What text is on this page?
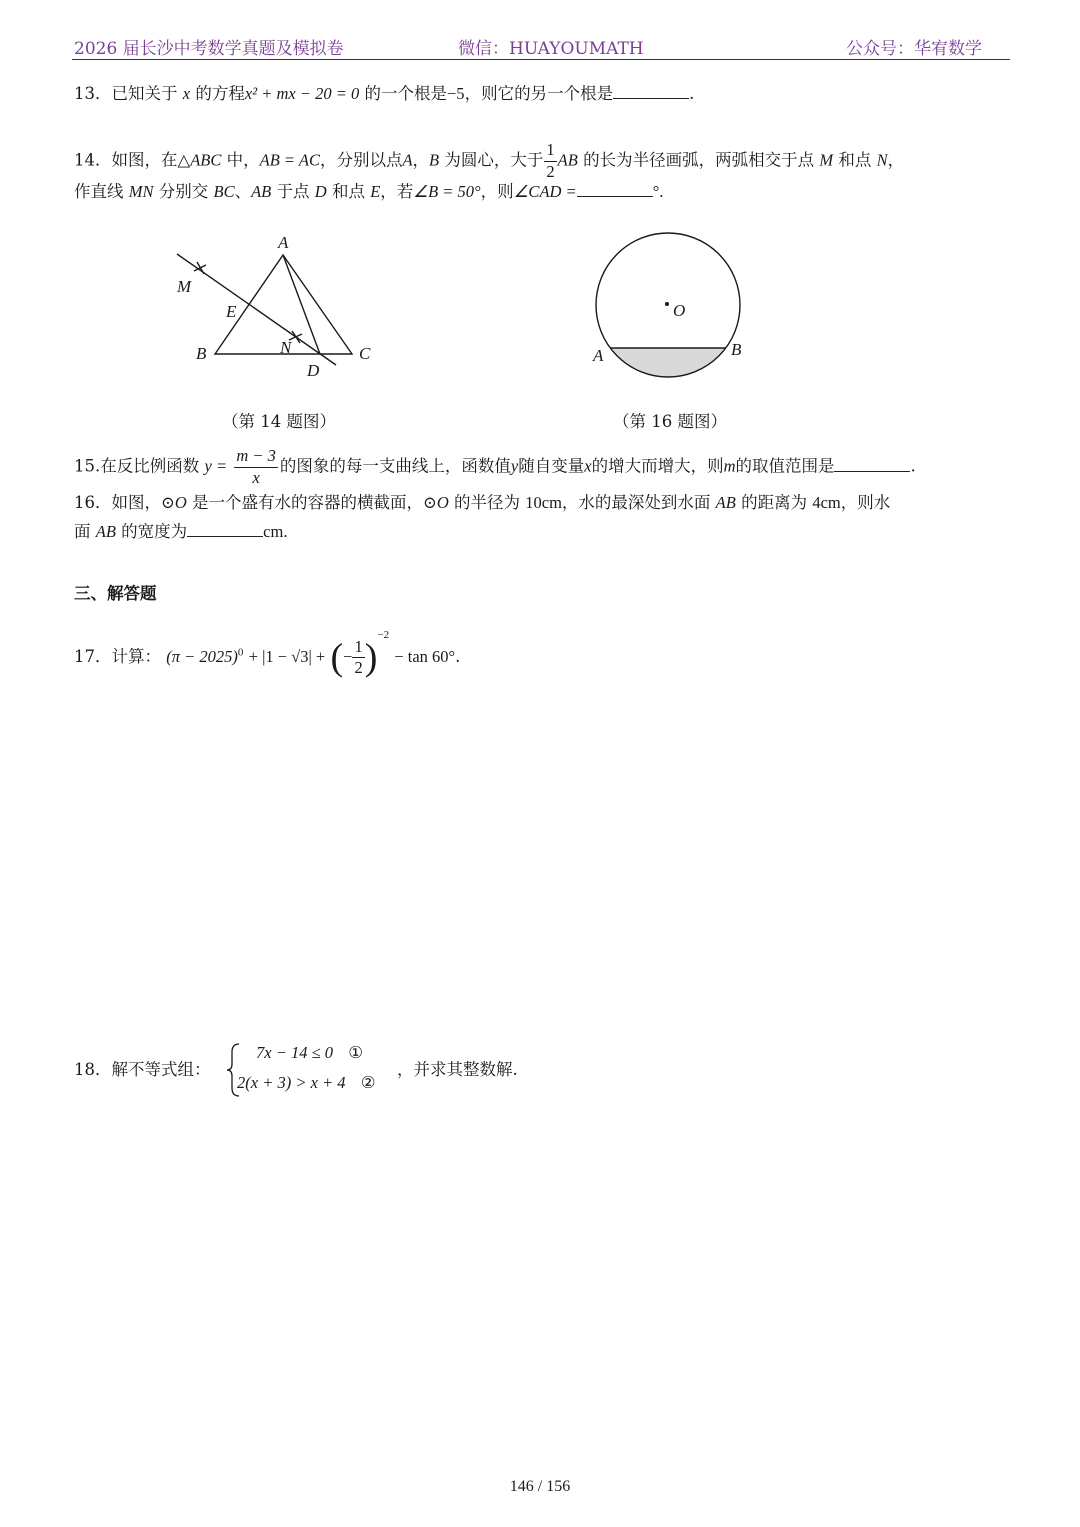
2026 届长沙中考数学真题及模拟卷	微信：HUAYOUMATH	公众号：华宥数学
13．已知关于 x 的方程x² + mx − 20 = 0 的一个根是−5，则它的另一个根是	.
14．如图，在△ABC 中，AB = AC，分别以点A，B 为圆心，大于 $\frac{1}{2}$ AB 的长为半径画弧，两弧相交于点 M 和点 N，
作直线 MN 分别交 BC、AB 于点 D 和点 E，若∠B = 50°，则∠CAD =	°.
A
B	C
D
E
M
N
（第 14 题图）
O
A	B
（第 16 题图）
15.在反比例函数 $y = \frac{m - 3}{x}$ 的图象的每一支曲线上，函数值y随自变量x的增大而增大，则m的取值范围是	.
16．如图，⊙O 是一个盛有水的容器的横截面，⊙O 的半径为 10cm，水的最深处到水面 AB 的距离为 4cm，则水
面 AB 的宽度为	cm.
三、解答题
17．计算： $(\pi - 2025)^0 + |1 - √3|$ + (− $\frac{1}{2} )^{-2} - \tan 60^\circ$.
18．解不等式组：
7x − 14 ≤ 0 ①
2(x + 3) > x + 4 ②
，并求其整数解.
146 / 156
